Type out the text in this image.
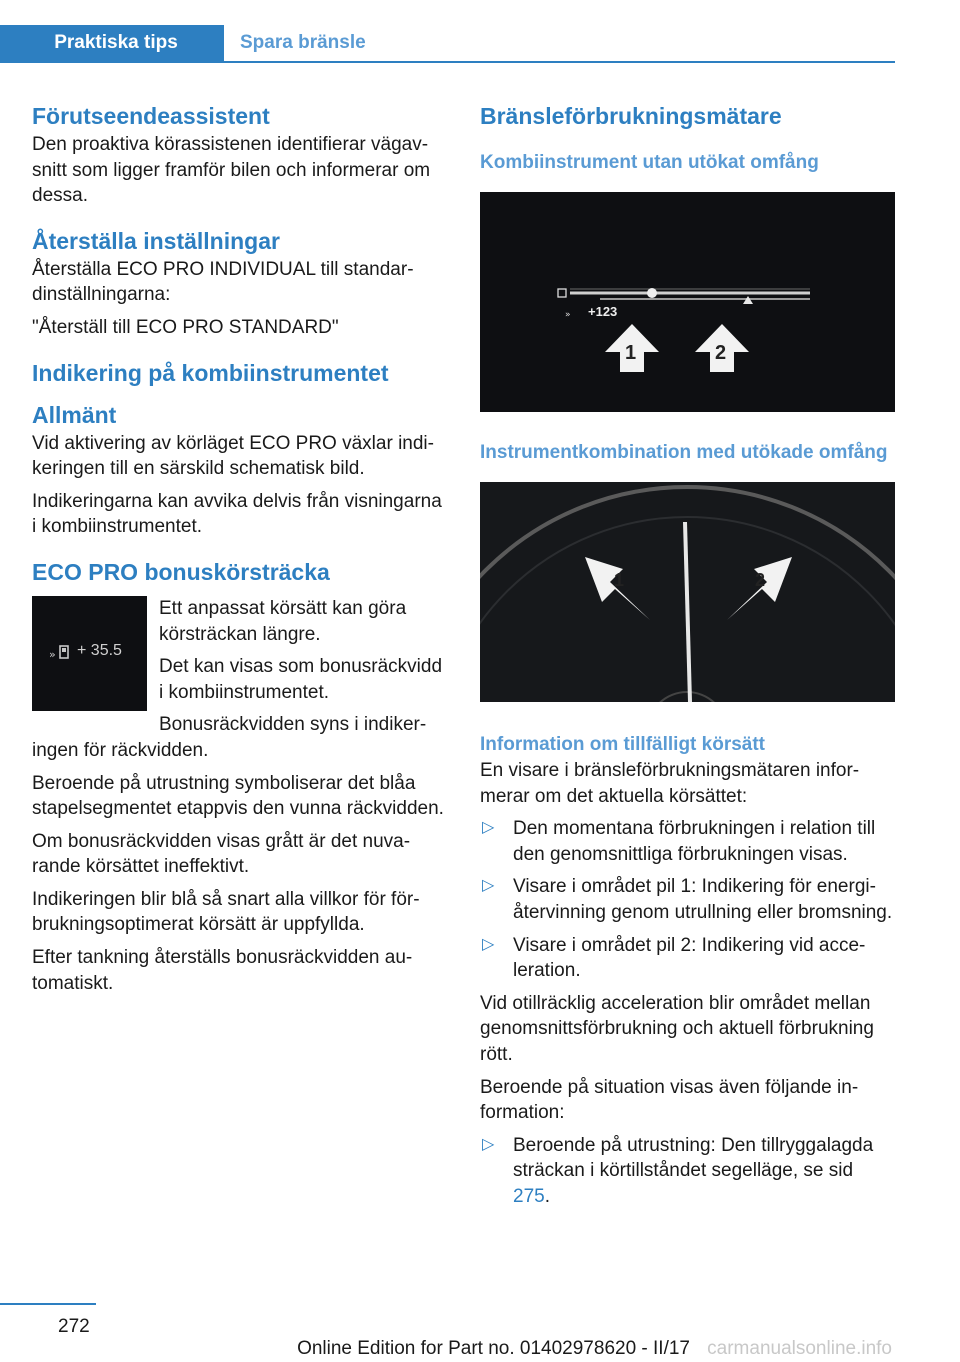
Praktiska tips	Spara bränsle
Förutseendeassistent

Den proaktiva körassistenen identifierar vägavsnitt som ligger framför bilen och informerar om dessa.

Återställa inställningar

Återställa ECO PRO INDIVIDUAL till standardinställningarna:

"Återställ till ECO PRO STANDARD"

Indikering på kombiinstrumentet
Allmänt

Vid aktivering av körläget ECO PRO växlar indikeringen till en särskild schematisk bild.

Indikeringarna kan avvika delvis från visningarna i kombiinstrumentet.

ECO PRO bonuskörsträcka
» + 35.5

Ett anpassat körsätt kan göra körsträckan längre.

Det kan visas som bonusräckvidd i kombiinstrumentet.

Bonusräckvidden syns i indikeringen för räckvidden.

Beroende på utrustning symboliserar det blåa stapelsegmentet etappvis den vunna räckvidden.

Om bonusräckvidden visas grått är det nuvarande körsättet ineffektivt.

Indikeringen blir blå så snart alla villkor för förbrukningsoptimerat körsätt är uppfyllda.

Efter tankning återställs bonusräckvidden automatiskt.

Bränsleförbrukningsmätare
Kombiinstrument utan utökat omfång
» +123
1	2
Instrumentkombination med utökade omfång
1	2
Information om tillfälligt körsätt

En visare i bränsleförbrukningsmätaren informerar om det aktuella körsättet:

▷ Den momentana förbrukningen i relation till den genomsnittliga förbrukningen visas.
▷ Visare i området pil 1: Indikering för energiåtervinning genom utrullning eller bromsning.
▷ Visare i området pil 2: Indikering vid acceleration.

Vid otillräcklig acceleration blir området mellan genomsnittsförbrukning och aktuell förbrukning rött.

Beroende på situation visas även följande information:

▷ Beroende på utrustning: Den tillryggalagda sträckan i körtillståndet segelläge, se sid 275.
272
Online Edition for Part no. 01402978620 - II/17 carmanualsonline.info
